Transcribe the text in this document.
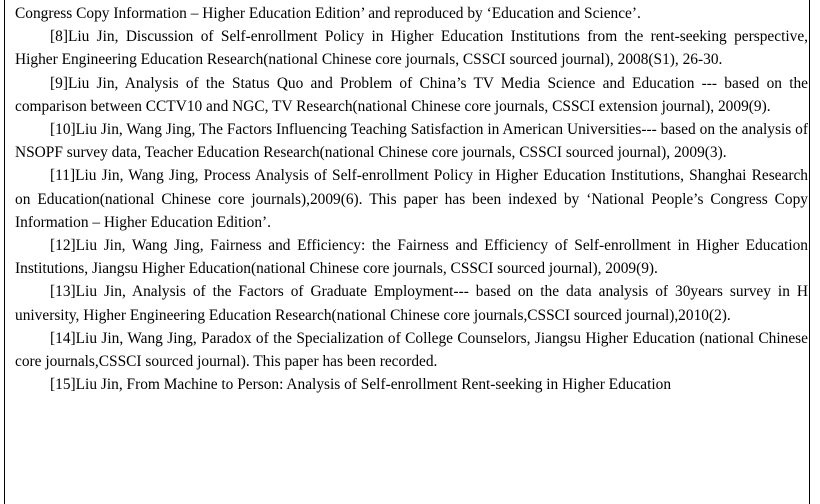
Congress Copy Information – Higher Education Edition’ and reproduced by ‘Education and Science’.

[8]Liu Jin, Discussion of Self-enrollment Policy in Higher Education Institutions from the rent-seeking perspective, Higher Engineering Education Research(national Chinese core journals, CSSCI sourced journal), 2008(S1), 26-30.

[9]Liu Jin, Analysis of the Status Quo and Problem of China’s TV Media Science and Education --- based on the comparison between CCTV10 and NGC, TV Research(national Chinese core journals, CSSCI extension journal), 2009(9).

[10]Liu Jin, Wang Jing, The Factors Influencing Teaching Satisfaction in American Universities--- based on the analysis of NSOPF survey data, Teacher Education Research(national Chinese core journals, CSSCI sourced journal), 2009(3).

[11]Liu Jin, Wang Jing, Process Analysis of Self-enrollment Policy in Higher Education Institutions, Shanghai Research on Education(national Chinese core journals),2009(6). This paper has been indexed by ‘National People’s Congress Copy Information – Higher Education Edition’.

[12]Liu Jin, Wang Jing, Fairness and Efficiency: the Fairness and Efficiency of Self-enrollment in Higher Education Institutions, Jiangsu Higher Education(national Chinese core journals, CSSCI sourced journal), 2009(9).

[13]Liu Jin, Analysis of the Factors of Graduate Employment--- based on the data analysis of 30years survey in H university, Higher Engineering Education Research(national Chinese core journals,CSSCI sourced journal),2010(2).

[14]Liu Jin, Wang Jing, Paradox of the Specialization of College Counselors, Jiangsu Higher Education (national Chinese core journals,CSSCI sourced journal). This paper has been recorded.

[15]Liu Jin, From Machine to Person: Analysis of Self-enrollment Rent-seeking in Higher Education
